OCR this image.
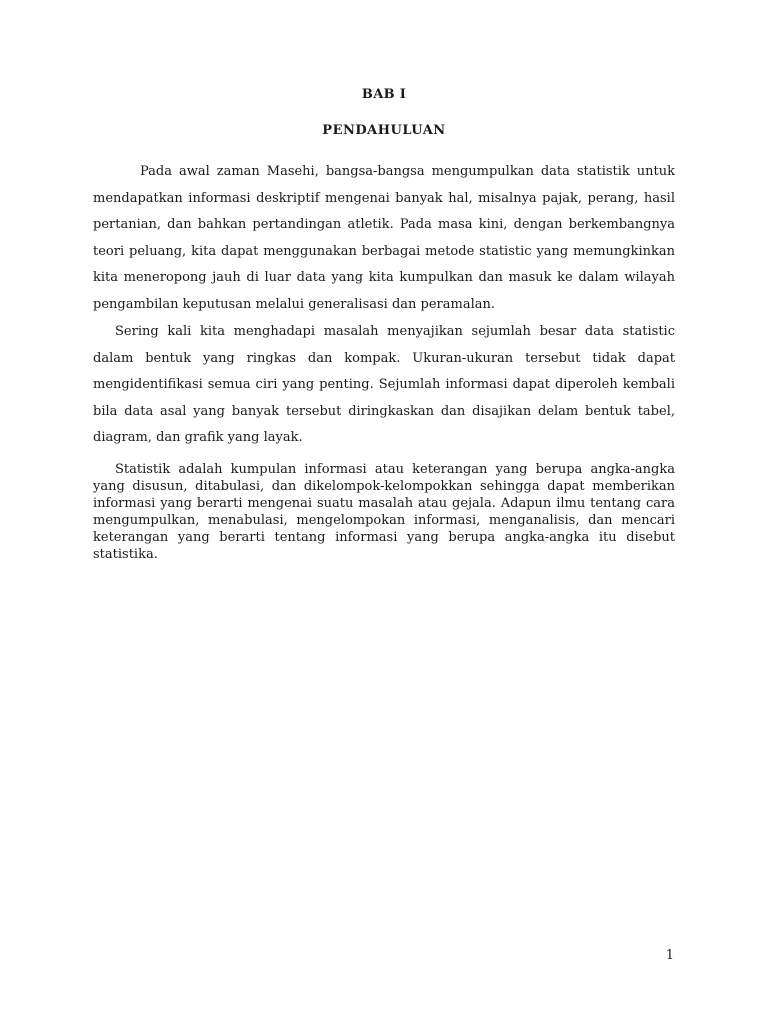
BAB I
PENDAHULUAN

Pada awal zaman Masehi, bangsa-bangsa mengumpulkan data statistik untuk mendapatkan informasi deskriptif mengenai banyak hal, misalnya pajak, perang, hasil pertanian, dan bahkan pertandingan atletik. Pada masa kini, dengan berkembangnya teori peluang, kita dapat menggunakan berbagai metode statistic yang memungkinkan kita meneropong jauh di luar data yang kita kumpulkan dan masuk ke dalam wilayah pengambilan keputusan melalui generalisasi dan peramalan.

Sering kali kita menghadapi masalah menyajikan sejumlah besar data statistic dalam bentuk yang ringkas dan kompak. Ukuran-ukuran tersebut tidak dapat mengidentifikasi semua ciri yang penting. Sejumlah informasi dapat diperoleh kembali bila data asal yang banyak tersebut diringkaskan dan disajikan delam bentuk tabel, diagram, dan grafik yang layak.

Statistik adalah kumpulan informasi atau keterangan yang berupa angka-angka yang disusun, ditabulasi, dan dikelompok-kelompokkan sehingga dapat memberikan informasi yang berarti mengenai suatu masalah atau gejala. Adapun ilmu tentang cara mengumpulkan, menabulasi, mengelompokan informasi, menganalisis, dan mencari keterangan yang berarti tentang informasi yang berupa angka-angka itu disebut statistika.

1
